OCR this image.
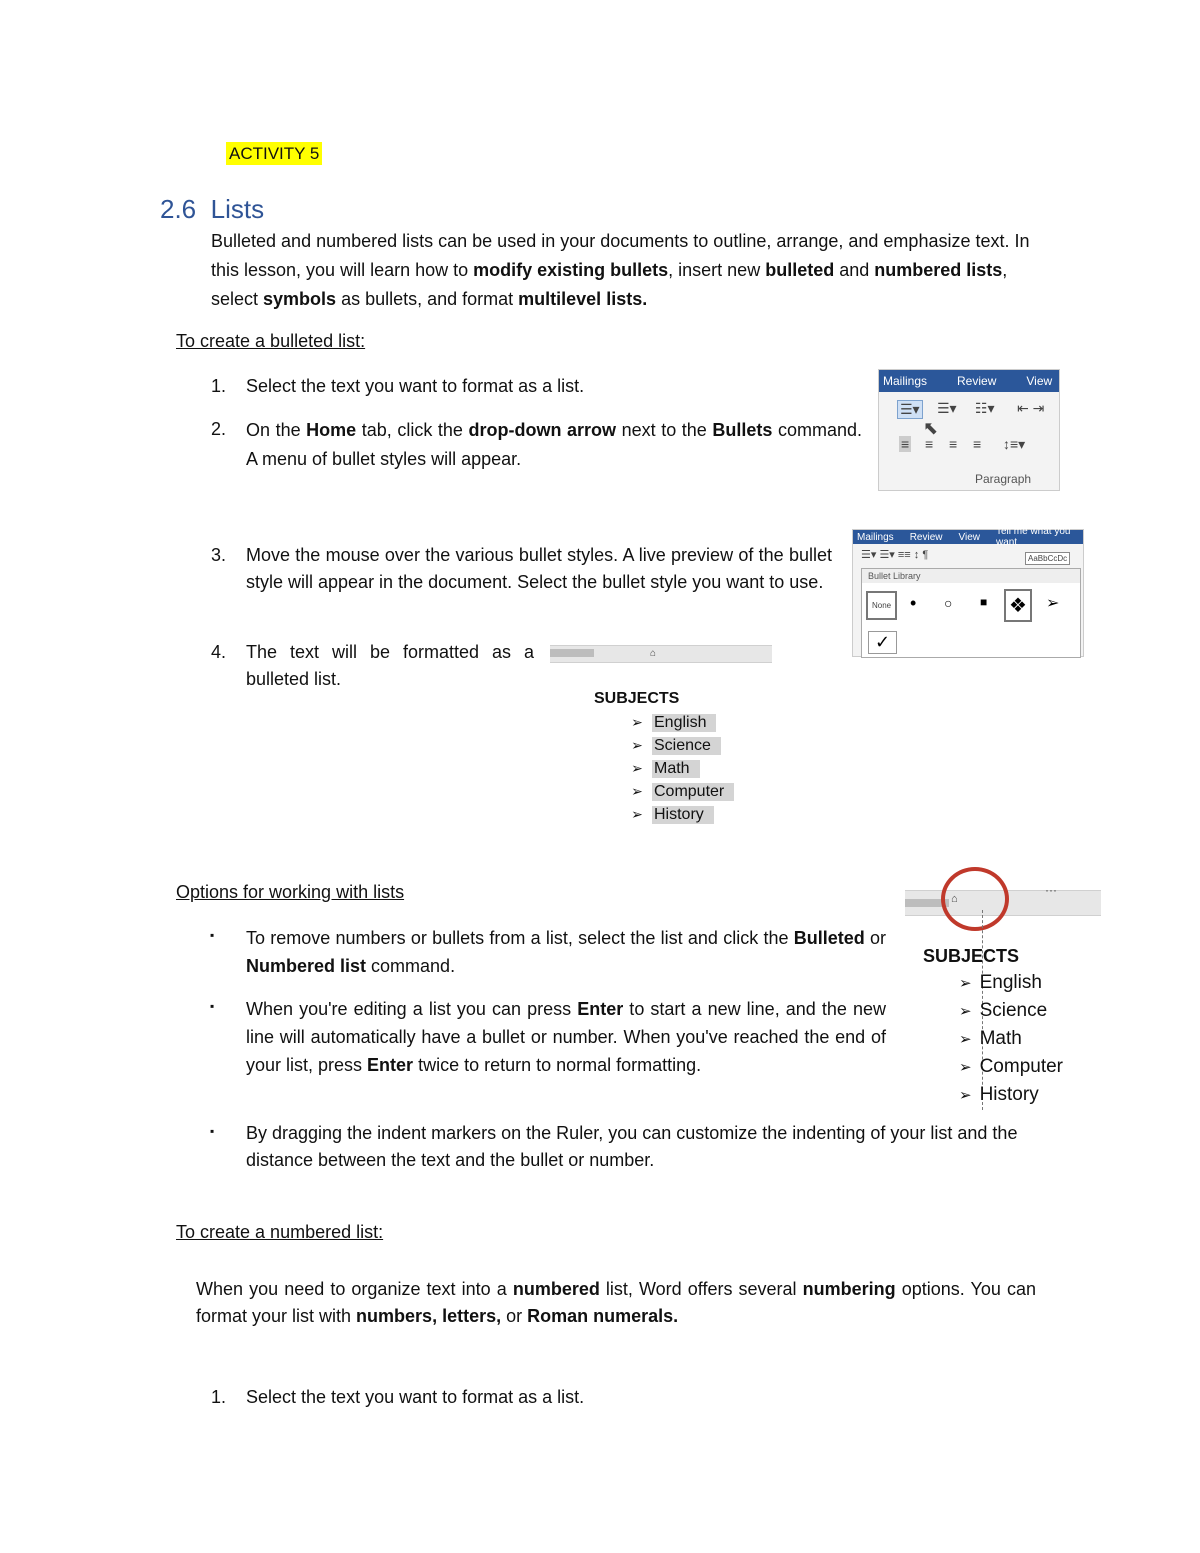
ACTIVITY 5
2.6 Lists
Bulleted and numbered lists can be used in your documents to outline, arrange, and emphasize text. In this lesson, you will learn how to modify existing bullets, insert new bulleted and numbered lists, select symbols as bullets, and format multilevel lists.
To create a bulleted list:
1. Select the text you want to format as a list.
2. On the Home tab, click the drop-down arrow next to the Bullets command. A menu of bullet styles will appear.
Mailings	Review	View
☰▾ ☰▾ ☷▾ ⇤ ⇥
≡ ≡ ≡ ≡ ↕≡▾
⬉
Paragraph
3. Move the mouse over the various bullet styles. A live preview of the bullet style will appear in the document. Select the bullet style you want to use.
Mailings Review View Tell me what you want
☰▾ ☰▾ ≡≡ ↕ ¶	AaBbCcDc
Bullet Library
None	• ○ ■ ❖	➢
✓
4. The text will be formatted as a bulleted list.
⌂
SUBJECTS
➢ English
➢ Science
➢ Math
➢ Computer
➢ History
Options for working with lists
▪ To remove numbers or bullets from a list, select the list and click the Bulleted or Numbered list command.
▪ When you're editing a list you can press Enter to start a new line, and the new line will automatically have a bullet or number. When you've reached the end of your list, press Enter twice to return to normal formatting.
▪ By dragging the indent markers on the Ruler, you can customize the indenting of your list and the distance between the text and the bullet or number.
···
⌂
SUBJECTS
➢ English
➢ Science
➢ Math
➢ Computer
➢ History
To create a numbered list:
When you need to organize text into a numbered list, Word offers several numbering options. You can format your list with numbers, letters, or Roman numerals.
1. Select the text you want to format as a list.
